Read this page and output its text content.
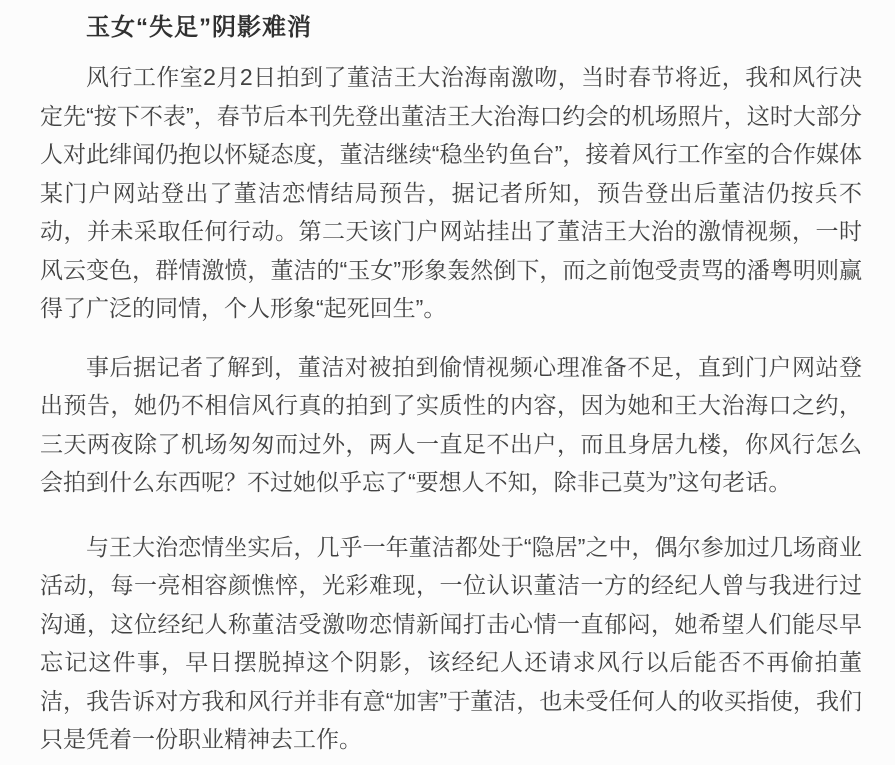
玉女“失足”阴影难消

风行工作室2月2日拍到了董洁王大治海南激吻，当时春节将近，我和风行决定先“按下不表”，春节后本刊先登出董洁王大治海口约会的机场照片，这时大部分人对此绯闻仍抱以怀疑态度，董洁继续“稳坐钓鱼台”，接着风行工作室的合作媒体某门户网站登出了董洁恋情结局预告，据记者所知，预告登出后董洁仍按兵不动，并未采取任何行动。第二天该门户网站挂出了董洁王大治的激情视频，一时风云变色，群情激愤，董洁的“玉女”形象轰然倒下，而之前饱受责骂的潘粤明则赢得了广泛的同情，个人形象“起死回生”。

事后据记者了解到，董洁对被拍到偷情视频心理准备不足，直到门户网站登出预告，她仍不相信风行真的拍到了实质性的内容，因为她和王大治海口之约，三天两夜除了机场匆匆而过外，两人一直足不出户，而且身居九楼，你风行怎么会拍到什么东西呢？不过她似乎忘了“要想人不知，除非己莫为”这句老话。

与王大治恋情坐实后，几乎一年董洁都处于“隐居”之中，偶尔参加过几场商业活动，每一亮相容颜憔悴，光彩难现，一位认识董洁一方的经纪人曾与我进行过沟通，这位经纪人称董洁受激吻恋情新闻打击心情一直郁闷，她希望人们能尽早忘记这件事，早日摆脱掉这个阴影，该经纪人还请求风行以后能否不再偷拍董洁，我告诉对方我和风行并非有意“加害”于董洁，也未受任何人的收买指使，我们只是凭着一份职业精神去工作。
